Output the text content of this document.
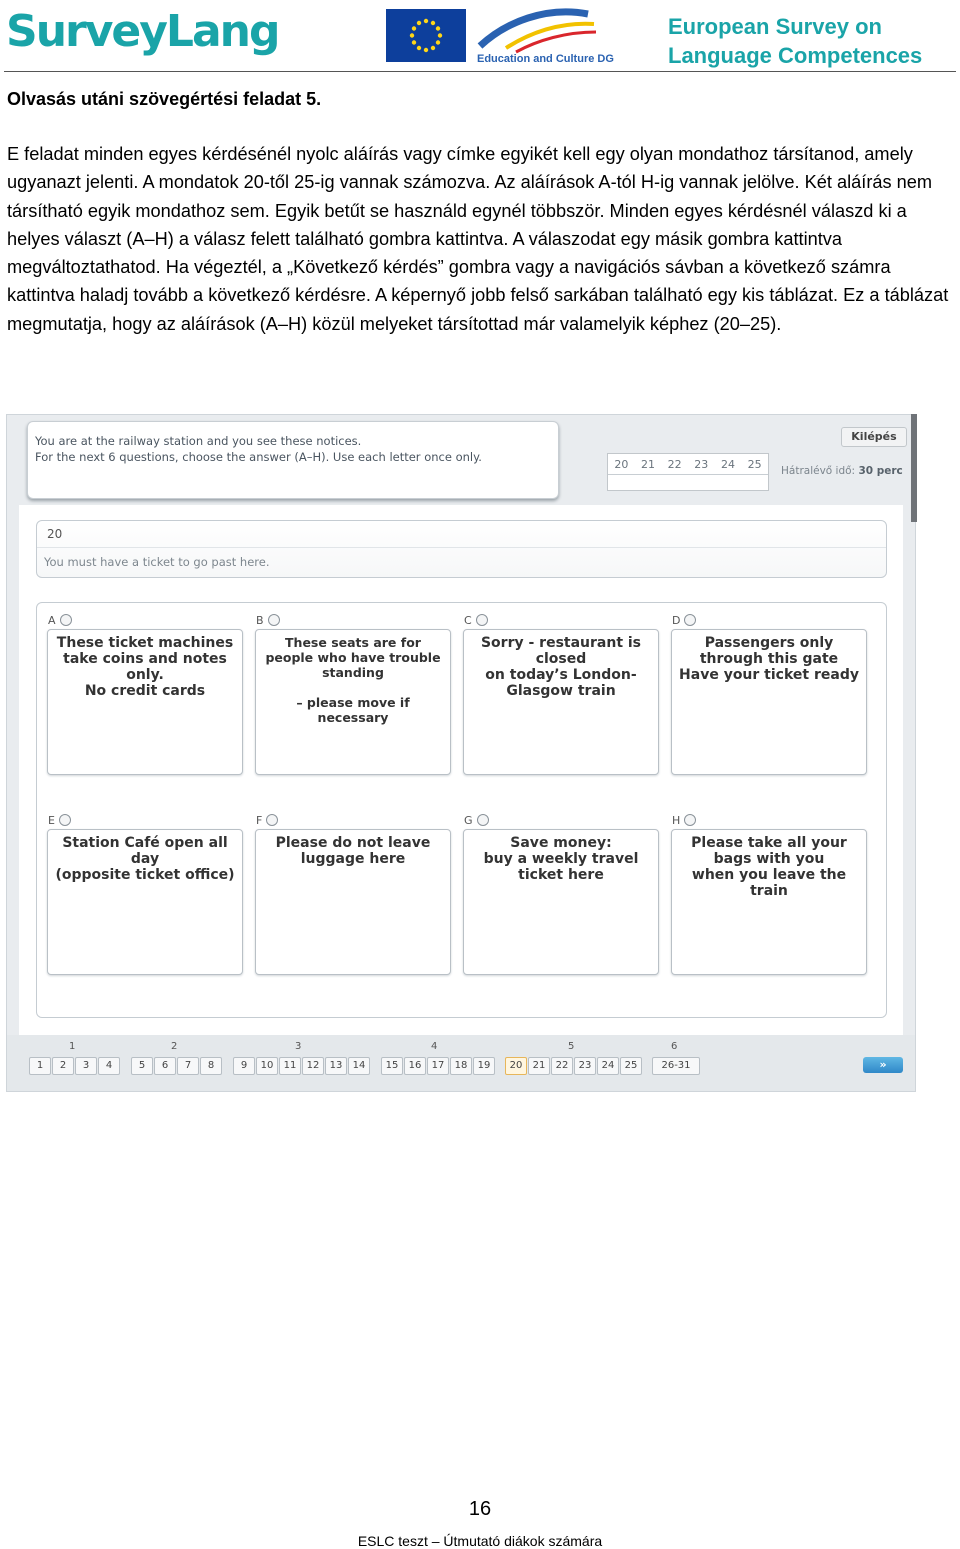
SurveyLang
Education and Culture DG
European Survey on
Language Competences
Olvasás utáni szövegértési feladat 5.
E feladat minden egyes kérdésénél nyolc aláírás vagy címke egyikét kell egy olyan mondathoz társítanod, amely ugyanazt jelenti. A mondatok 20-től 25-ig vannak számozva. Az aláírások A-tól H-ig vannak jelölve. Két aláírás nem társítható egyik mondathoz sem. Egyik betűt se használd egynél többször. Minden egyes kérdésnél válaszd ki a helyes választ (A–H) a válasz felett található gombra kattintva. A válaszodat egy másik gombra kattintva megváltoztathatod. Ha végeztél, a „Következő kérdés” gombra vagy a navigációs sávban a következő számra kattintva haladj tovább a következő kérdésre. A képernyő jobb felső sarkában található egy kis táblázat. Ez a táblázat megmutatja, hogy az aláírások (A–H) közül melyeket társítottad már valamelyik képhez (20–25).
You are at the railway station and you see these notices.
For the next 6 questions, choose the answer (A–H). Use each letter once only.
Kilépés
20 21 22 23 24 25 Hátralévő idő: 30 perc
20
You must have a ticket to go past here.
A
These ticket machines
take coins and notes
only.
No credit cards
B
These seats are for
people who have trouble
standing
– please move if necessary
C
Sorry - restaurant is
closed
on today’s London-
Glasgow train
D
Passengers only
through this gate
Have your ticket ready
E
Station Café open all
day
(opposite ticket office)
F
Please do not leave
luggage here
G
Save money:
buy a weekly travel
ticket here
H
Please take all your
bags with you
when you leave the
train
»
1	2	3	4	5	6
1	2	3	4	5	6	7	8	9	10	11	12	13	14	15	16	17	18	19	20	21	22	23	24	25	26-31
16
ESLC teszt – Útmutató diákok számára
